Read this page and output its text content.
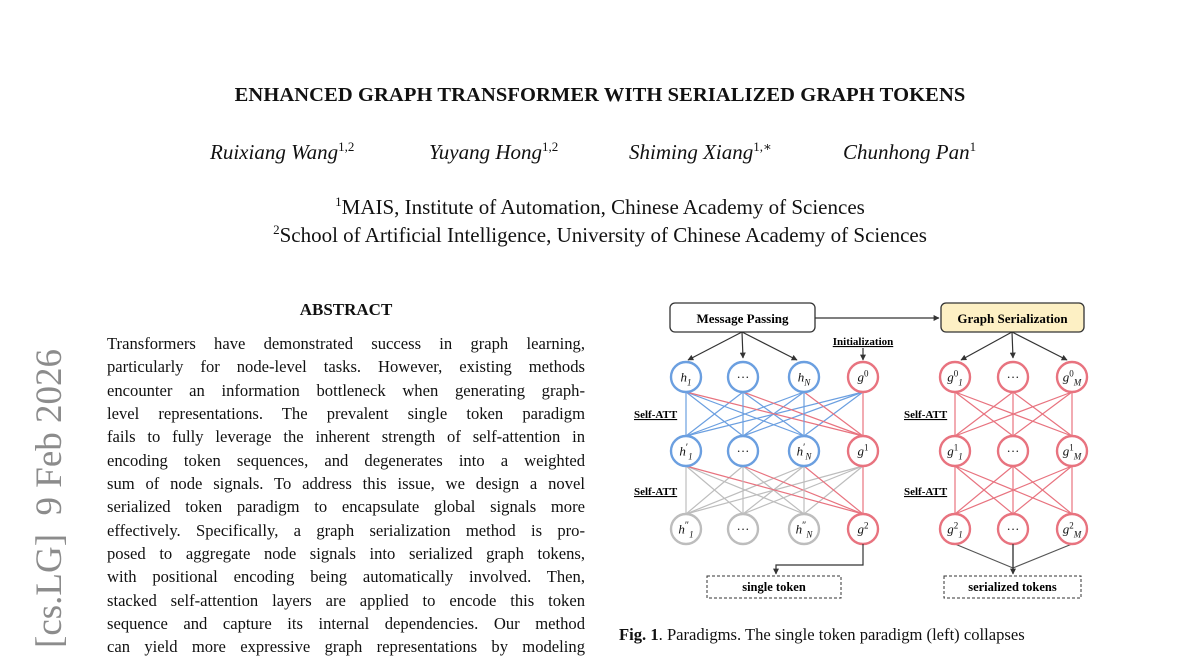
ENHANCED GRAPH TRANSFORMER WITH SERIALIZED GRAPH TOKENS
Ruixiang Wang$^{1,2}$	Yuyang Hong$^{1,2}$	Shiming Xiang$^{1,∗}$	Chunhong Pan$^1$
$^1$MAIS, Institute of Automation, Chinese Academy of Sciences
$^2$School of Artificial Intelligence, University of Chinese Academy of Sciences
[cs.LG]  9 Feb 2026
ABSTRACT
Transformers have demonstrated success in graph learning,
particularly for node-level tasks. However, existing methods
encounter an information bottleneck when generating graph-
level representations. The prevalent single token paradigm
fails to fully leverage the inherent strength of self-attention in
encoding token sequences, and degenerates into a weighted
sum of node signals. To address this issue, we design a novel
serialized token paradigm to encapsulate global signals more
effectively. Specifically, a graph serialization method is pro-
posed to aggregate node signals into serialized graph tokens,
with positional encoding being automatically involved. Then,
stacked self-attention layers are applied to encode this token
sequence and capture its internal dependencies. Our method
can yield more expressive graph representations by modeling
Message Passing	Graph Serialization
Initialization
Self-ATT
Self-ATT
Self-ATT
Self-ATT
$h_1$	···	$h_N$	$g^0$
$h'_1$	···	$h'_N$	$g^1$
$h''_1$	···	$h''_N$	$g^2$
$g^0_1$	···	$g^0_M$
$g^1_1$	···	$g^1_M$
$g^2_1$	···	$g^2_M$
single token	serialized tokens
Fig. 1. Paradigms. The single token paradigm (left) collapses
